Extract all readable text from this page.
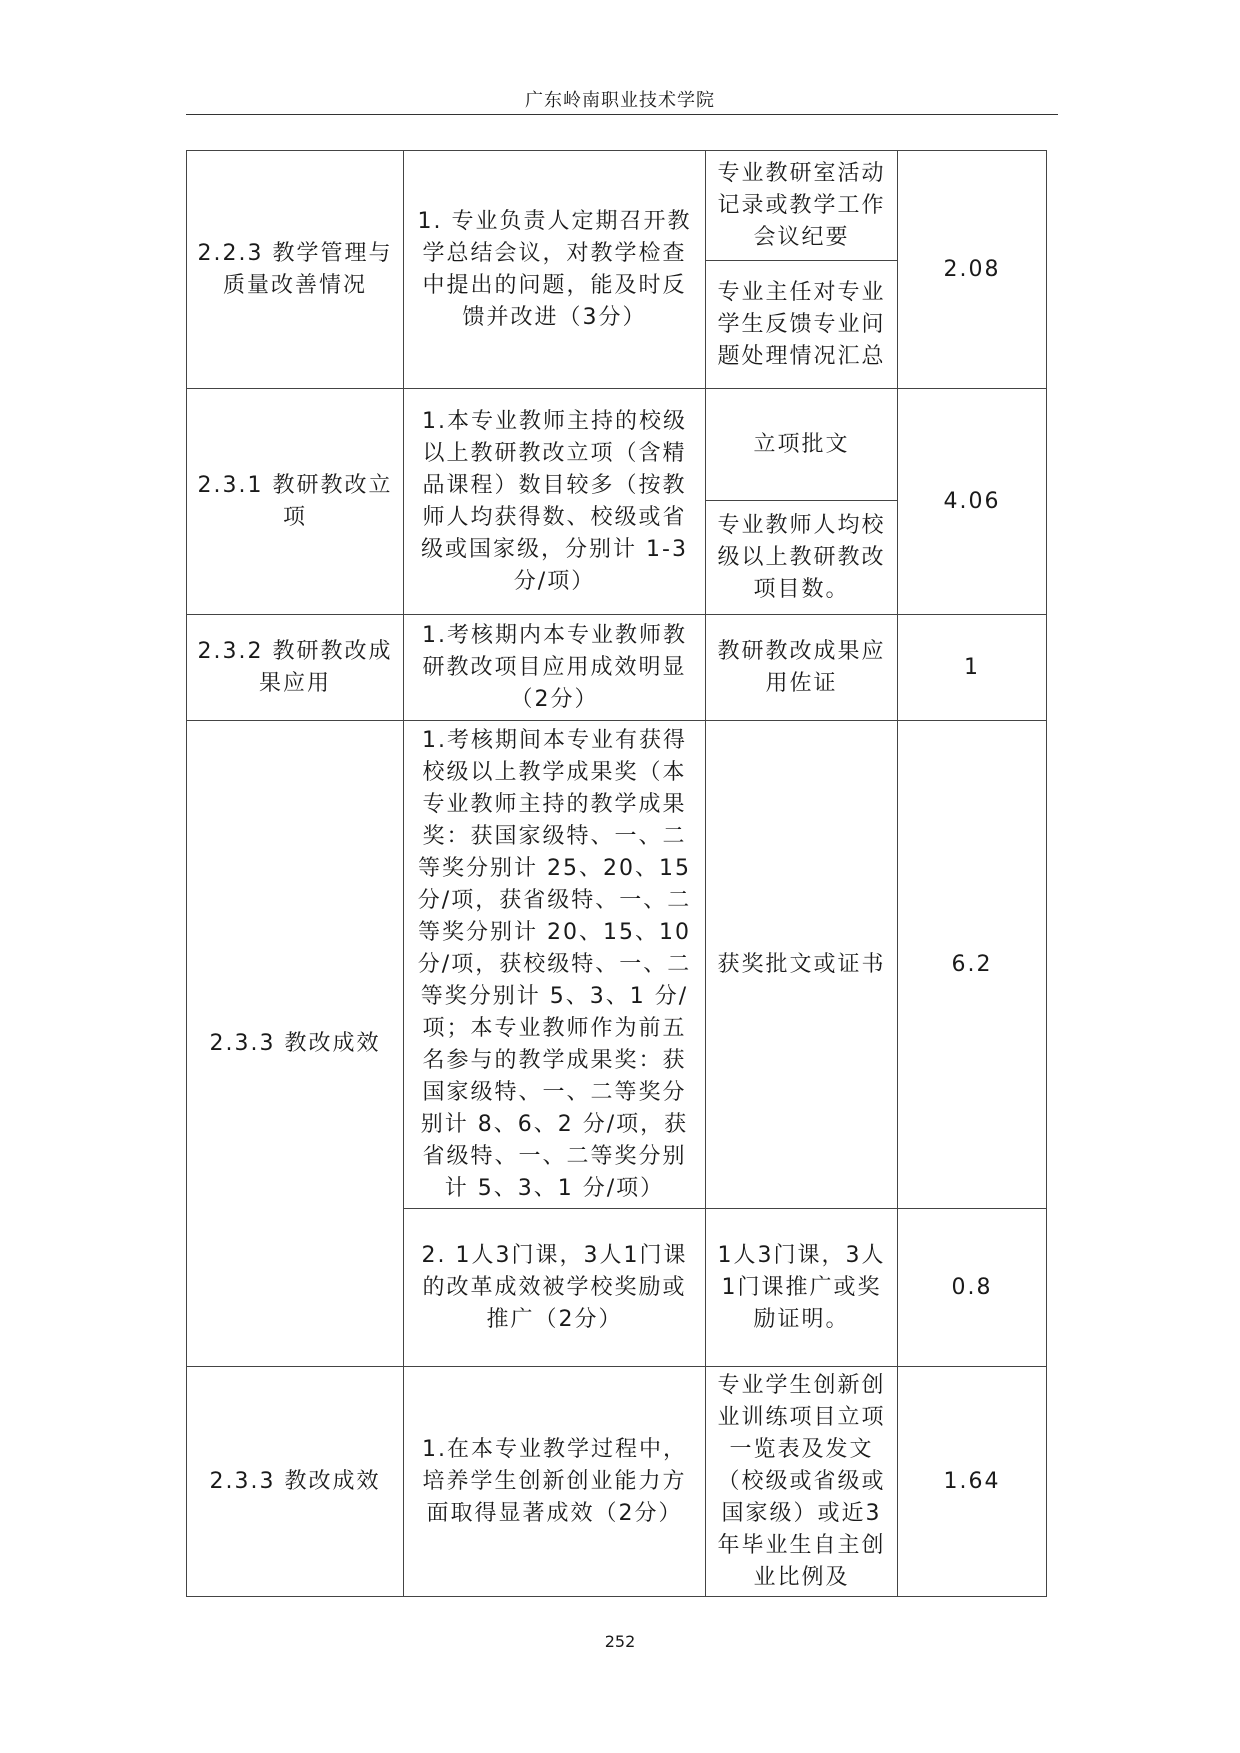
广东岭南职业技术学院
2.2.3 教学管理与质量改善情况	1. 专业负责人定期召开教学总结会议，对教学检查中提出的问题，能及时反馈并改进（3分）	专业教研室活动记录或教学工作会议纪要	2.08
		专业主任对专业学生反馈专业问题处理情况汇总	
2.3.1 教研教改立项	1.本专业教师主持的校级以上教研教改立项（含精品课程）数目较多（按教师人均获得数、校级或省级或国家级，分别计 1-3 分/项）	立项批文	4.06
		专业教师人均校级以上教研教改项目数。	
2.3.2 教研教改成果应用	1.考核期内本专业教师教研教改项目应用成效明显（2分）	教研教改成果应用佐证	1
2.3.3 教改成效	1.考核期间本专业有获得校级以上教学成果奖（本专业教师主持的教学成果奖：获国家级特、一、二等奖分别计 25、20、15 分/项，获省级特、一、二等奖分别计 20、15、10 分/项，获校级特、一、二等奖分别计 5、3、1 分/项；本专业教师作为前五名参与的教学成果奖：获国家级特、一、二等奖分别计 8、6、2 分/项，获省级特、一、二等奖分别计 5、3、1 分/项）	获奖批文或证书	6.2
	2. 1人3门课，3人1门课的改革成效被学校奖励或推广（2分）	1人3门课，3人1门课推广或奖励证明。	0.8
2.3.3 教改成效	1.在本专业教学过程中，培养学生创新创业能力方面取得显著成效（2分）	专业学生创新创业训练项目立项一览表及发文（校级或省级或国家级）或近3年毕业生自主创业比例及	1.64
252
